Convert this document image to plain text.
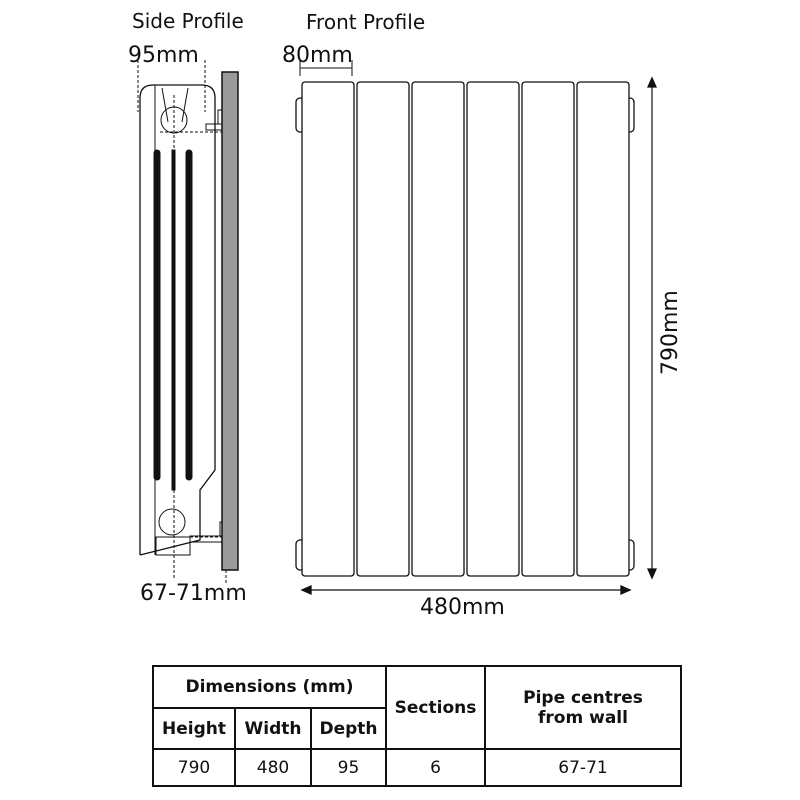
Side Profile	Front Profile
95mm	80mm
67-71mm
480mm
790mm
Dimensions (mm)			Sections	Pipe centres from wall
Height	Width	Depth		
790	480	95	6	67-71
